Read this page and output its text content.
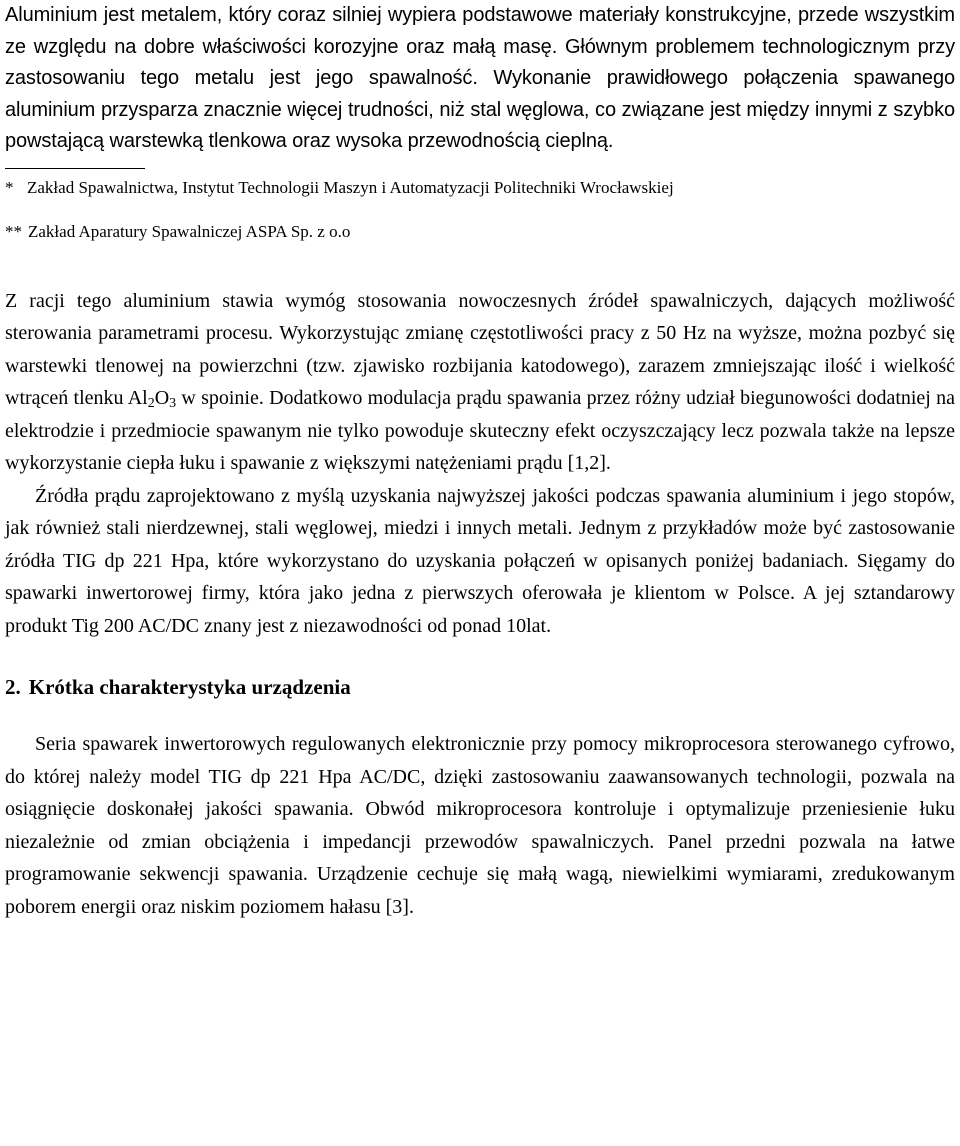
Aluminium jest metalem, który coraz silniej wypiera podstawowe materiały konstrukcyjne, przede wszystkim ze względu na dobre właściwości korozyjne oraz małą masę. Głównym problemem technologicznym przy zastosowaniu tego metalu jest jego spawalność. Wykonanie prawidłowego połączenia spawanego aluminium przysparza znacznie więcej trudności, niż stal węglowa, co związane jest między innymi z szybko powstającą warstewką tlenkowa oraz wysoka przewodnością cieplną.

* Zakład Spawalnictwa, Instytut Technologii Maszyn i Automatyzacji Politechniki Wrocławskiej
** Zakład Aparatury Spawalniczej ASPA Sp. z o.o

Z racji tego aluminium stawia wymóg stosowania nowoczesnych źródeł spawalniczych, dających możliwość sterowania parametrami procesu. Wykorzystując zmianę częstotliwości pracy z 50 Hz na wyższe, można pozbyć się warstewki tlenowej na powierzchni (tzw. zjawisko rozbijania katodowego), zarazem zmniejszając ilość i wielkość wtrąceń tlenku $Al_2O_3$ w spoinie. Dodatkowo modulacja prądu spawania przez różny udział biegunowości dodatniej na elektrodzie i przedmiocie spawanym nie tylko powoduje skuteczny efekt oczyszczający lecz pozwala także na lepsze wykorzystanie ciepła łuku i spawanie z większymi natężeniami prądu [1,2].

Źródła prądu zaprojektowano z myślą uzyskania najwyższej jakości podczas spawania aluminium i jego stopów, jak również stali nierdzewnej, stali węglowej, miedzi i innych metali. Jednym z przykładów może być zastosowanie źródła TIG dp 221 Hpa, które wykorzystano do uzyskania połączeń w opisanych poniżej badaniach. Sięgamy do spawarki inwertorowej firmy, która jako jedna z pierwszych oferowała je klientom w Polsce. A jej sztandarowy produkt Tig 200 AC/DC znany jest z niezawodności od ponad 10lat.

2. Krótka charakterystyka urządzenia

Seria spawarek inwertorowych regulowanych elektronicznie przy pomocy mikroprocesora sterowanego cyfrowo, do której należy model TIG dp 221 Hpa AC/DC, dzięki zastosowaniu zaawansowanych technologii, pozwala na osiągnięcie doskonałej jakości spawania. Obwód mikroprocesora kontroluje i optymalizuje przeniesienie łuku niezależnie od zmian obciążenia i impedancji przewodów spawalniczych. Panel przedni pozwala na łatwe programowanie sekwencji spawania. Urządzenie cechuje się małą wagą, niewielkimi wymiarami, zredukowanym poborem energii oraz niskim poziomem hałasu [3].
